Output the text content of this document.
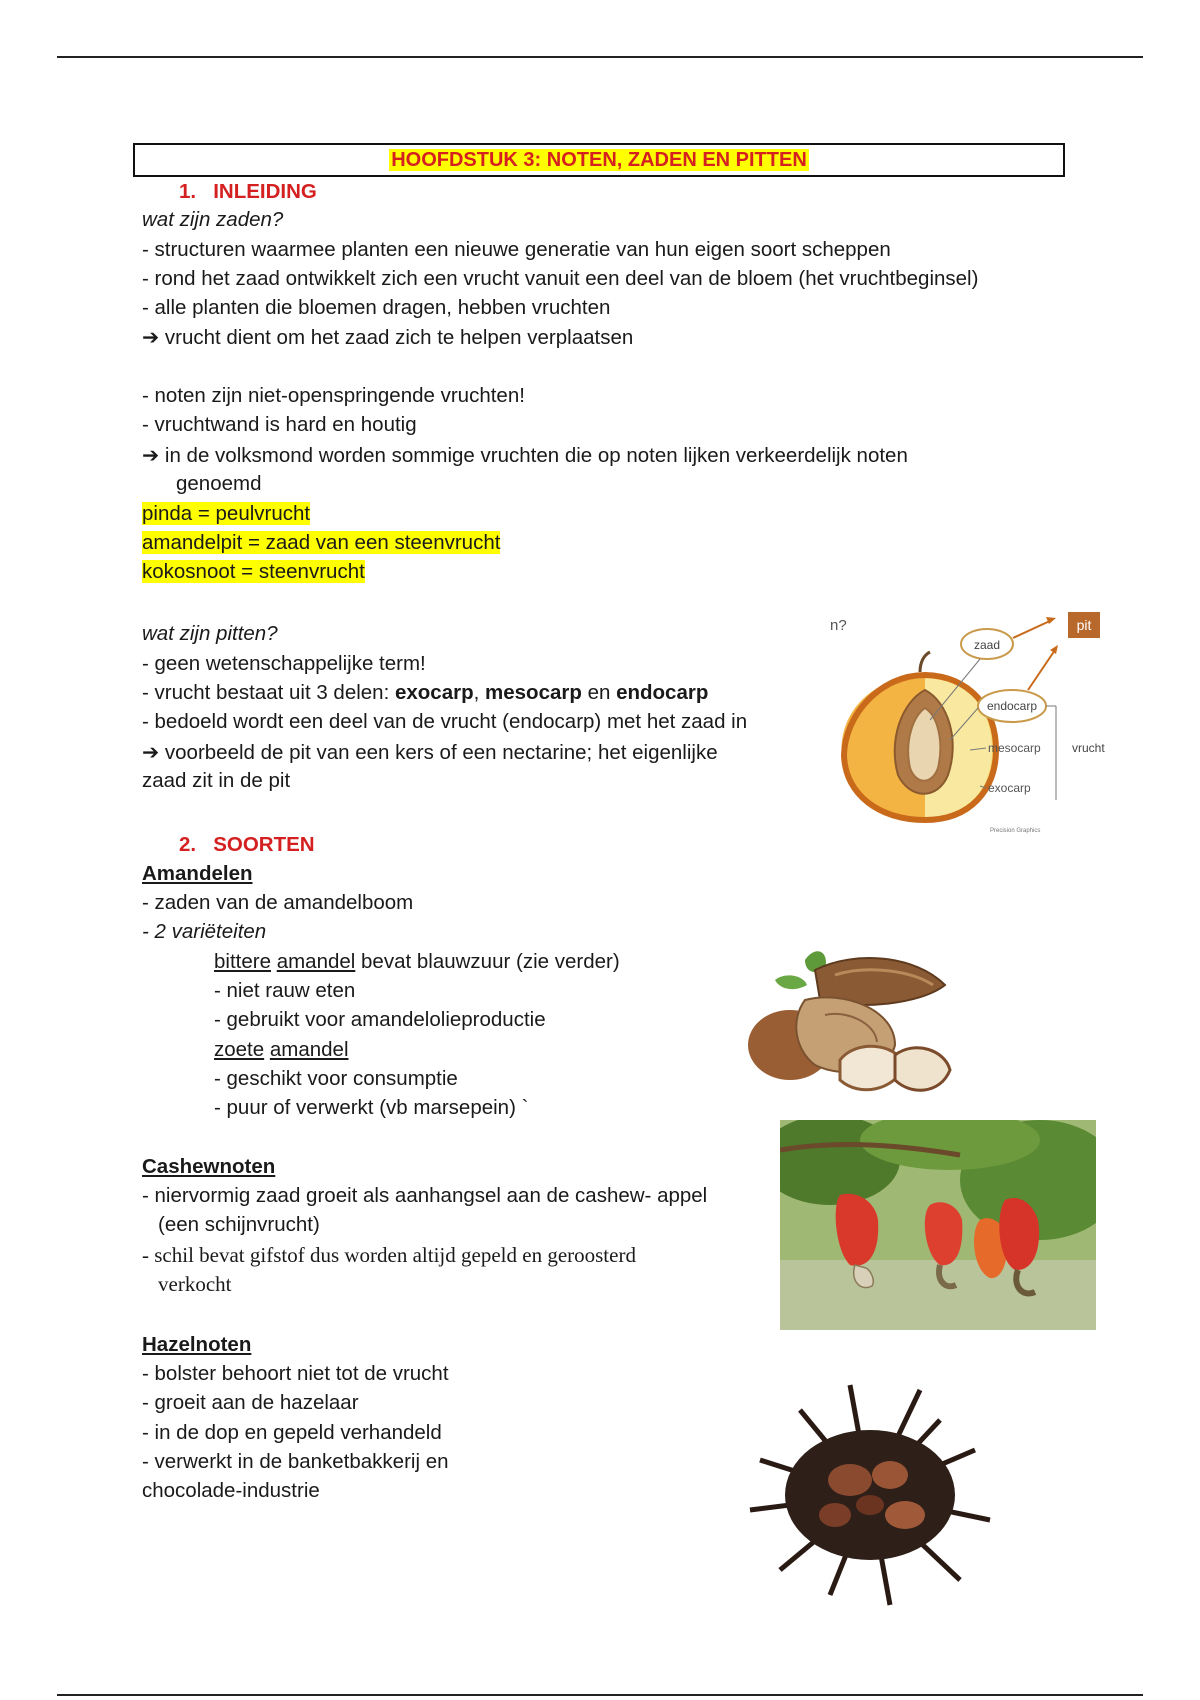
HOOFDSTUK 3: NOTEN, ZADEN EN PITTEN
1. INLEIDING
wat zijn zaden?
- structuren waarmee planten een nieuwe generatie van hun eigen soort scheppen
- rond het zaad ontwikkelt zich een vrucht vanuit een deel van de bloem (het vruchtbeginsel)
- alle planten die bloemen dragen, hebben vruchten
➔ vrucht dient om het zaad zich te helpen verplaatsen
- noten zijn niet-openspringende vruchten!
- vruchtwand is hard en houtig
➔ in de volksmond worden sommige vruchten die op noten lijken verkeerdelijk noten
genoemd
pinda = peulvrucht
amandelpit = zaad van een steenvrucht
kokosnoot = steenvrucht
wat zijn pitten?
- geen wetenschappelijke term!
- vrucht bestaat uit 3 delen: exocarp, mesocarp en endocarp
- bedoeld wordt een deel van de vrucht (endocarp) met het zaad in
➔ voorbeeld de pit van een kers of een nectarine; het eigenlijke
zaad zit in de pit
n?
zaad
pit
endocarp
mesocarp
exocarp
vrucht
Precision Graphics
2. SOORTEN
Amandelen
- zaden van de amandelboom
- 2 variëteiten
bittere amandel bevat blauwzuur (zie verder)
- niet rauw eten
- gebruikt voor amandelolieproductie
zoete amandel
- geschikt voor consumptie
- puur of verwerkt (vb marsepein) `
Cashewnoten
- niervormig zaad groeit als aanhangsel aan de cashew- appel
(een schijnvrucht)
- schil bevat gifstof dus worden altijd gepeld en geroosterd
verkocht
Hazelnoten
- bolster behoort niet tot de vrucht
- groeit aan de hazelaar
- in de dop en gepeld verhandeld
- verwerkt in de banketbakkerij en
chocolade-industrie
